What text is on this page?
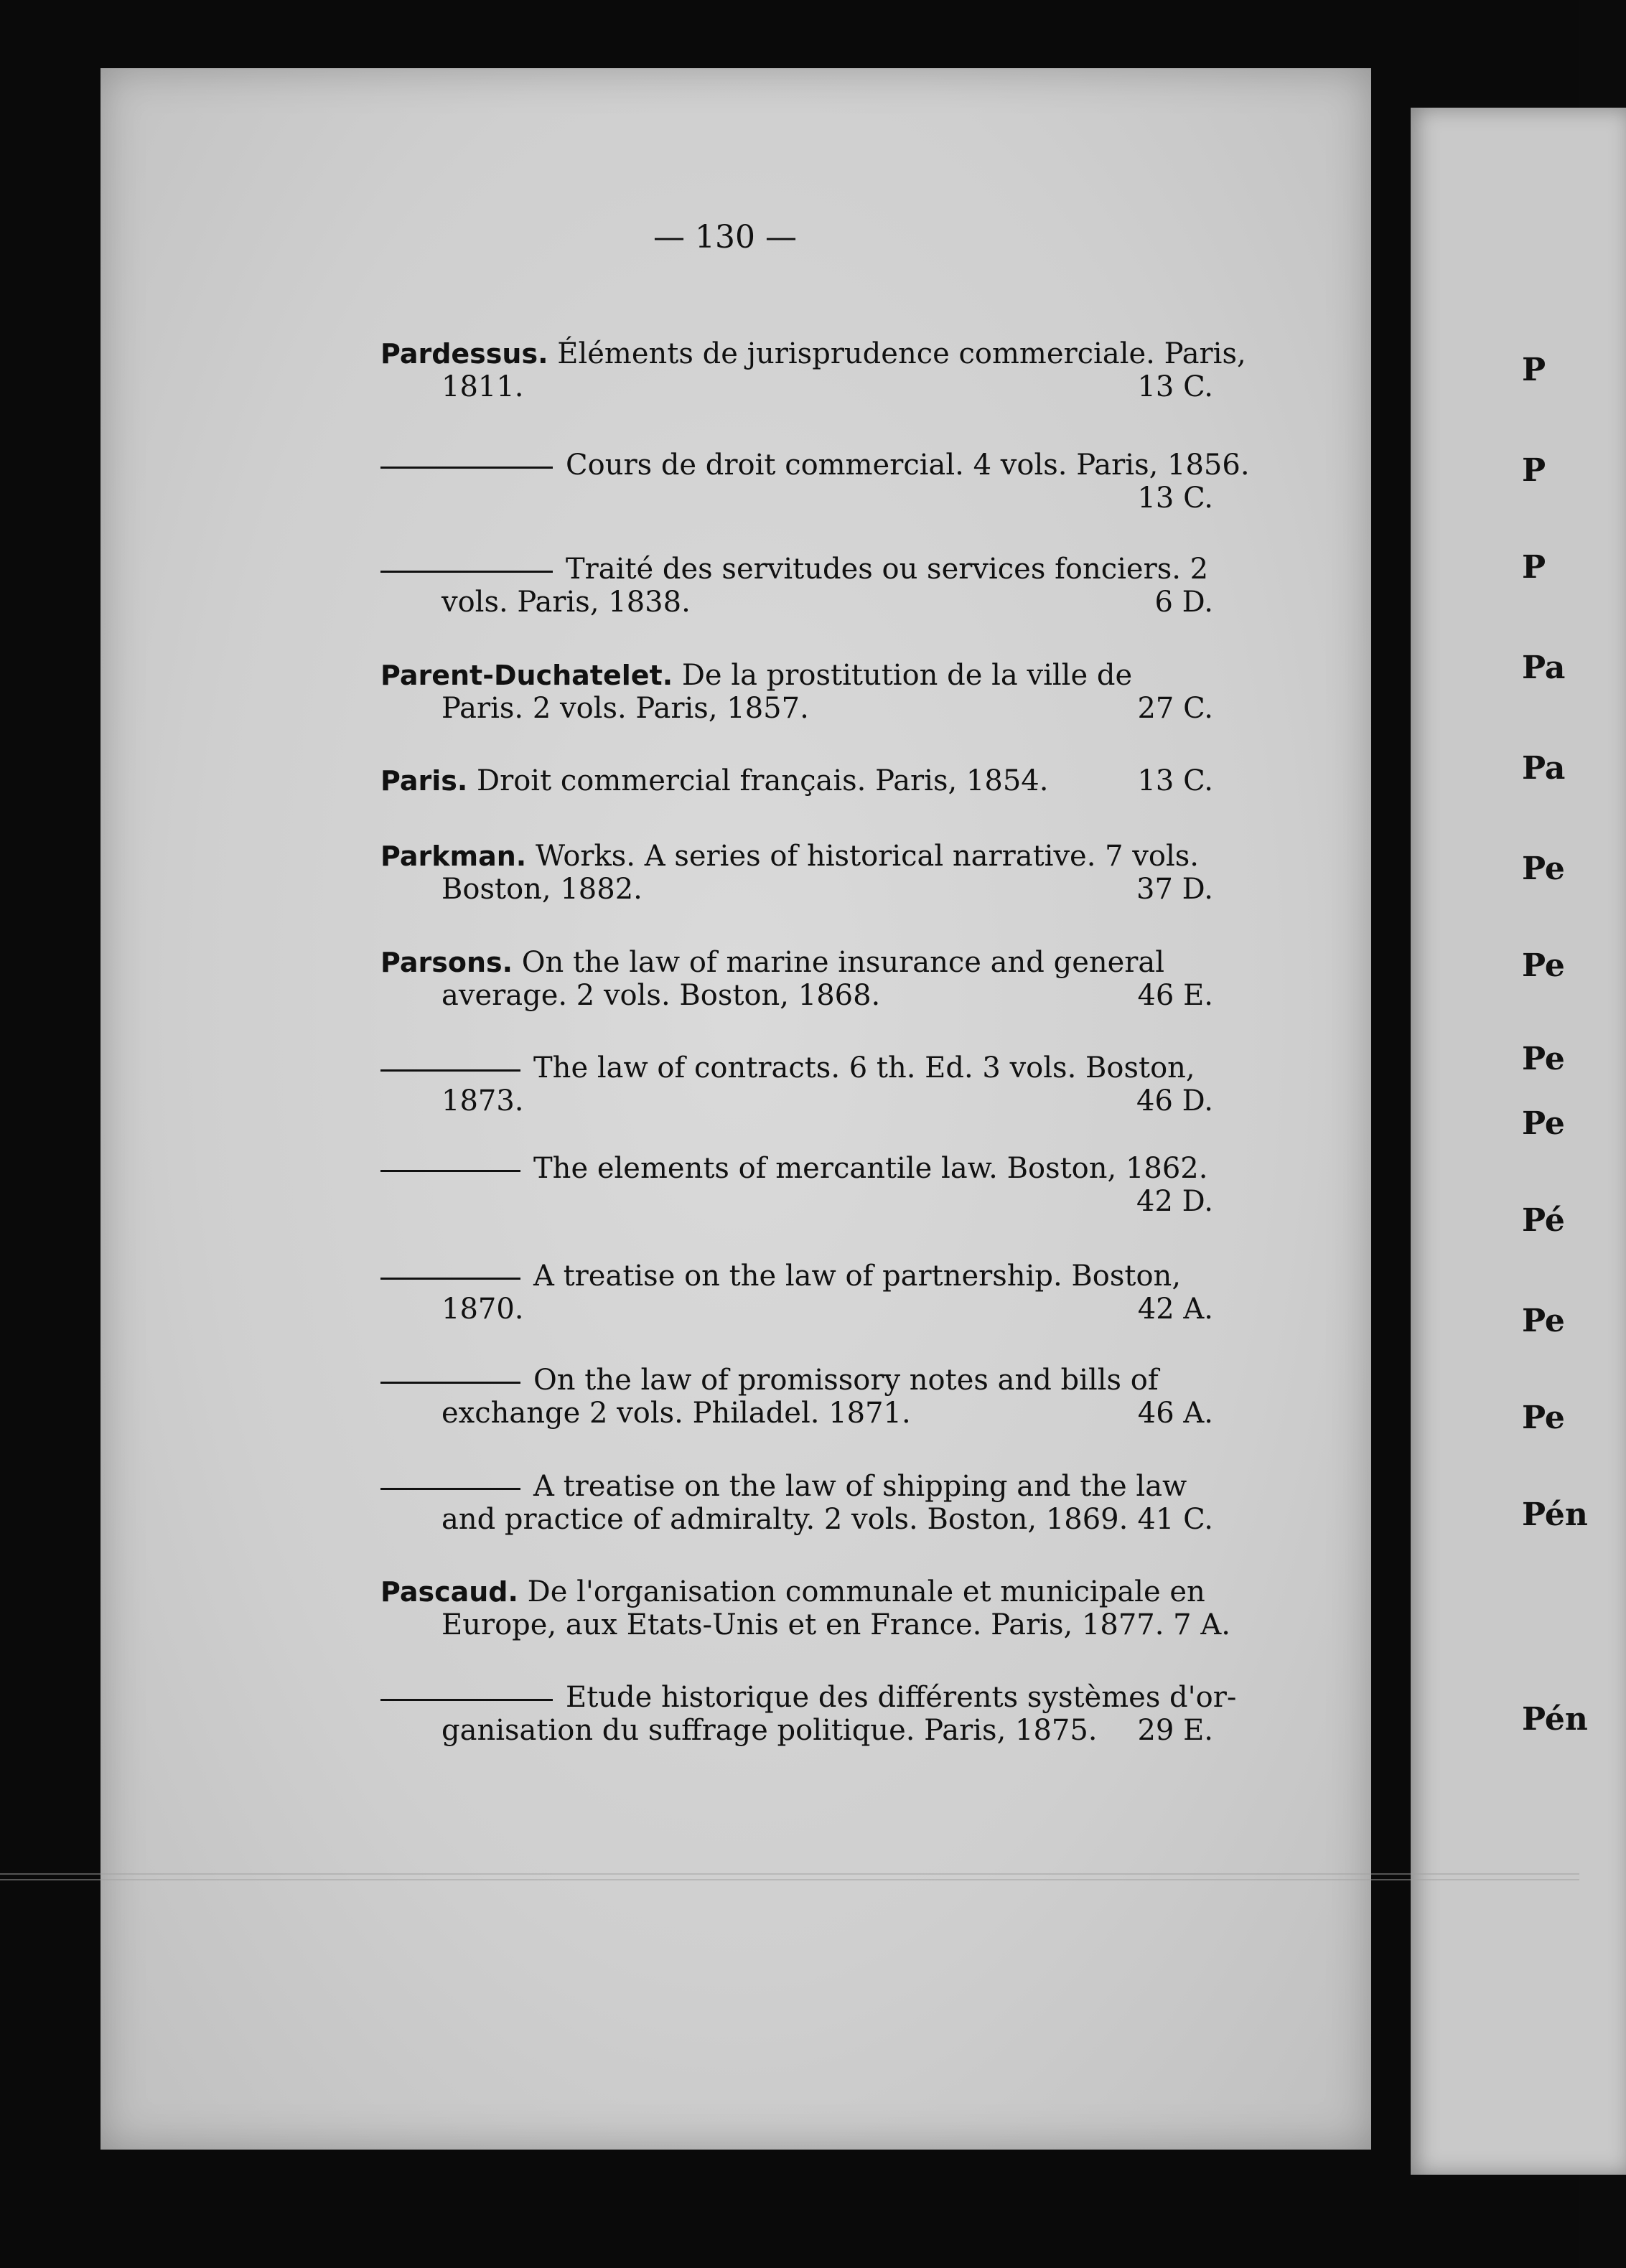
P
P
P
Pa
Pa
Pe
Pe
Pe
Pe
Pé
Pe
Pe
Pén
Pén
— 130 —
Pardessus. Éléments de jurisprudence commerciale. Paris,
1811.	13 C.
Cours de droit commercial. 4 vols. Paris, 1856.
13 C.
Traité des servitudes ou services fonciers. 2
vols. Paris, 1838.	6 D.
Parent-Duchatelet. De la prostitution de la ville de
Paris. 2 vols. Paris, 1857.	27 C.
Paris. Droit commercial français. Paris, 1854.	13 C.
Parkman. Works. A series of historical narrative. 7 vols.
Boston, 1882.	37 D.
Parsons. On the law of marine insurance and general
average. 2 vols. Boston, 1868.	46 E.
The law of contracts. 6 th. Ed. 3 vols. Boston,
1873.	46 D.
The elements of mercantile law. Boston, 1862.
42 D.
A treatise on the law of partnership. Boston,
1870.	42 A.
On the law of promissory notes and bills of
exchange 2 vols. Philadel. 1871.	46 A.
A treatise on the law of shipping and the law
and practice of admiralty. 2 vols. Boston, 1869. 41 C.
Pascaud. De l'organisation communale et municipale en
Europe, aux Etats-Unis et en France. Paris, 1877. 7 A.
Etude historique des différents systèmes d'or-
ganisation du suffrage politique. Paris, 1875. 29 E.
